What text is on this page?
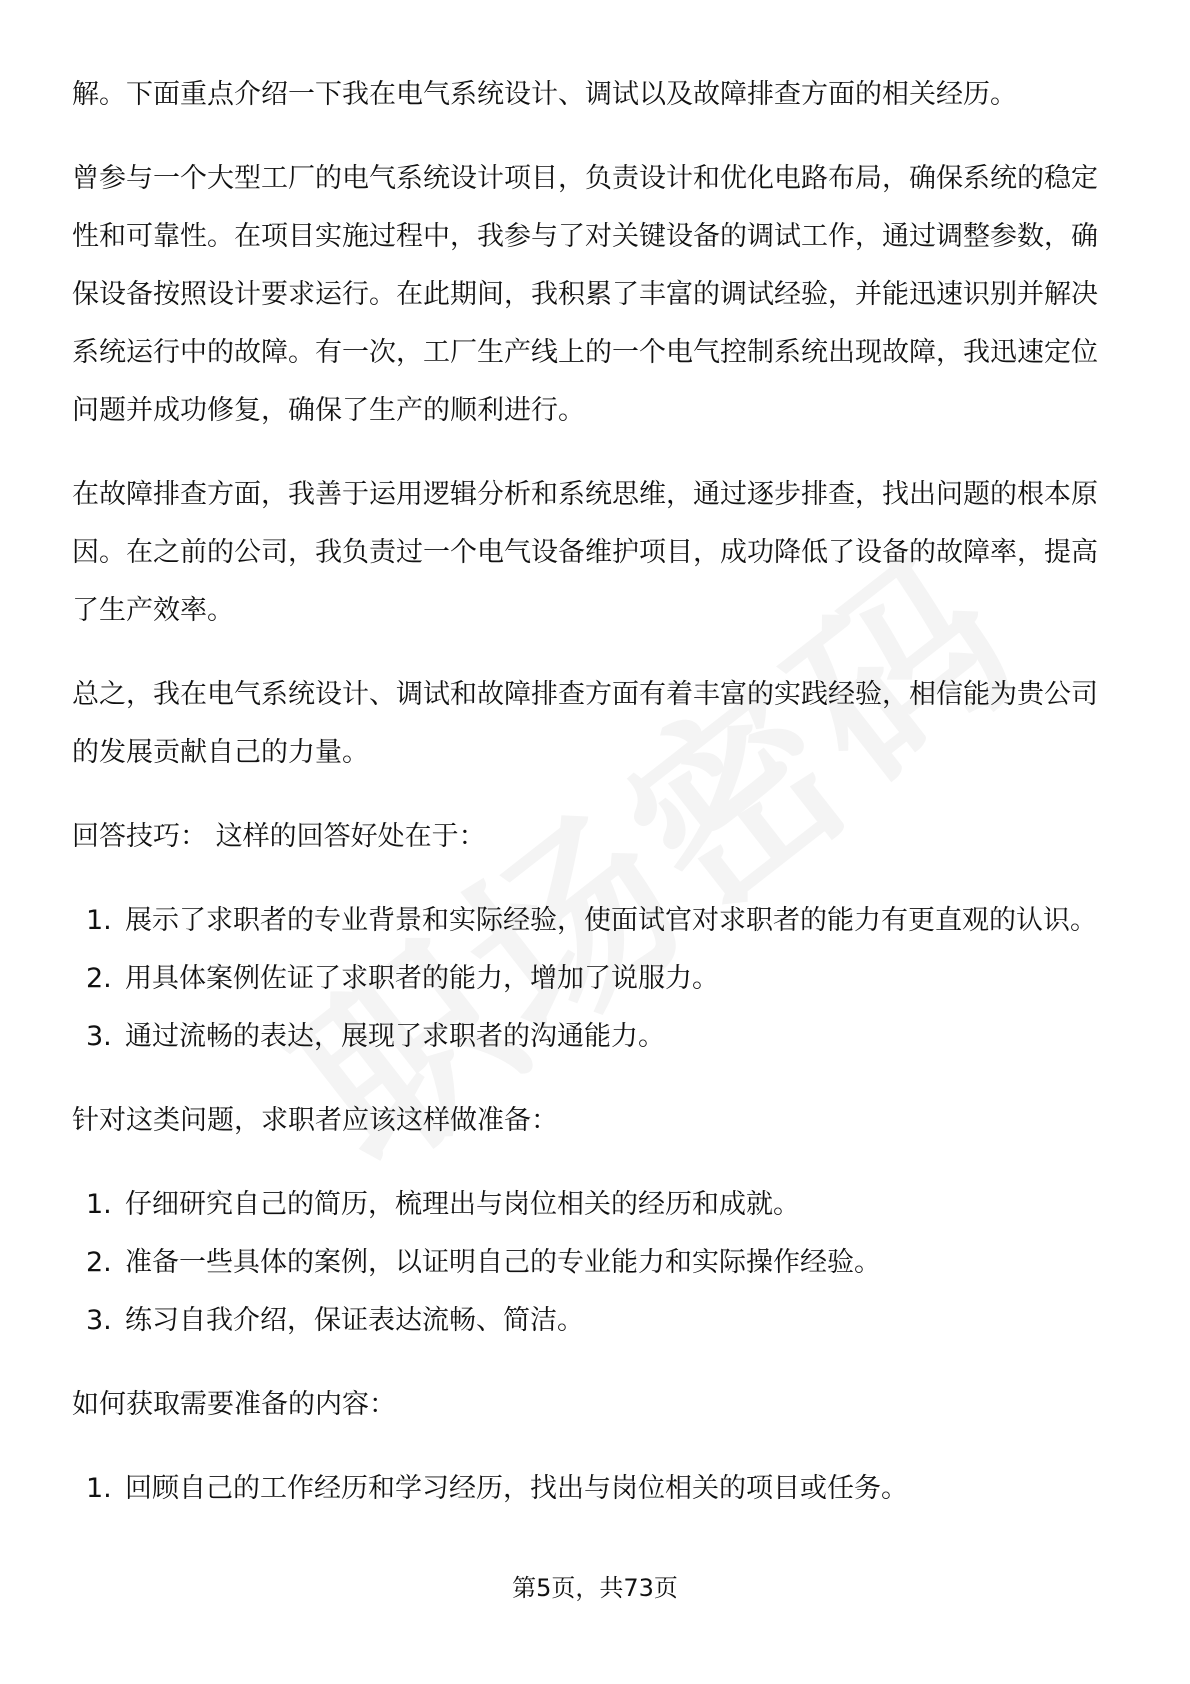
解。下面重点介绍一下我在电气系统设计、调试以及故障排查方面的相关经历。

曾参与一个大型工厂的电气系统设计项目，负责设计和优化电路布局，确保系统的稳定性和可靠性。在项目实施过程中，我参与了对关键设备的调试工作，通过调整参数，确保设备按照设计要求运行。在此期间，我积累了丰富的调试经验，并能迅速识别并解决系统运行中的故障。有一次，工厂生产线上的一个电气控制系统出现故障，我迅速定位问题并成功修复，确保了生产的顺利进行。

在故障排查方面，我善于运用逻辑分析和系统思维，通过逐步排查，找出问题的根本原因。在之前的公司，我负责过一个电气设备维护项目，成功降低了设备的故障率，提高了生产效率。

总之，我在电气系统设计、调试和故障排查方面有着丰富的实践经验，相信能为贵公司的发展贡献自己的力量。

回答技巧： 这样的回答好处在于：

1. 展示了求职者的专业背景和实际经验，使面试官对求职者的能力有更直观的认识。
2. 用具体案例佐证了求职者的能力，增加了说服力。
3. 通过流畅的表达，展现了求职者的沟通能力。

针对这类问题，求职者应该这样做准备：

1. 仔细研究自己的简历，梳理出与岗位相关的经历和成就。
2. 准备一些具体的案例，以证明自己的专业能力和实际操作经验。
3. 练习自我介绍，保证表达流畅、简洁。

如何获取需要准备的内容：

1. 回顾自己的工作经历和学习经历，找出与岗位相关的项目或任务。
第5页，共73页
